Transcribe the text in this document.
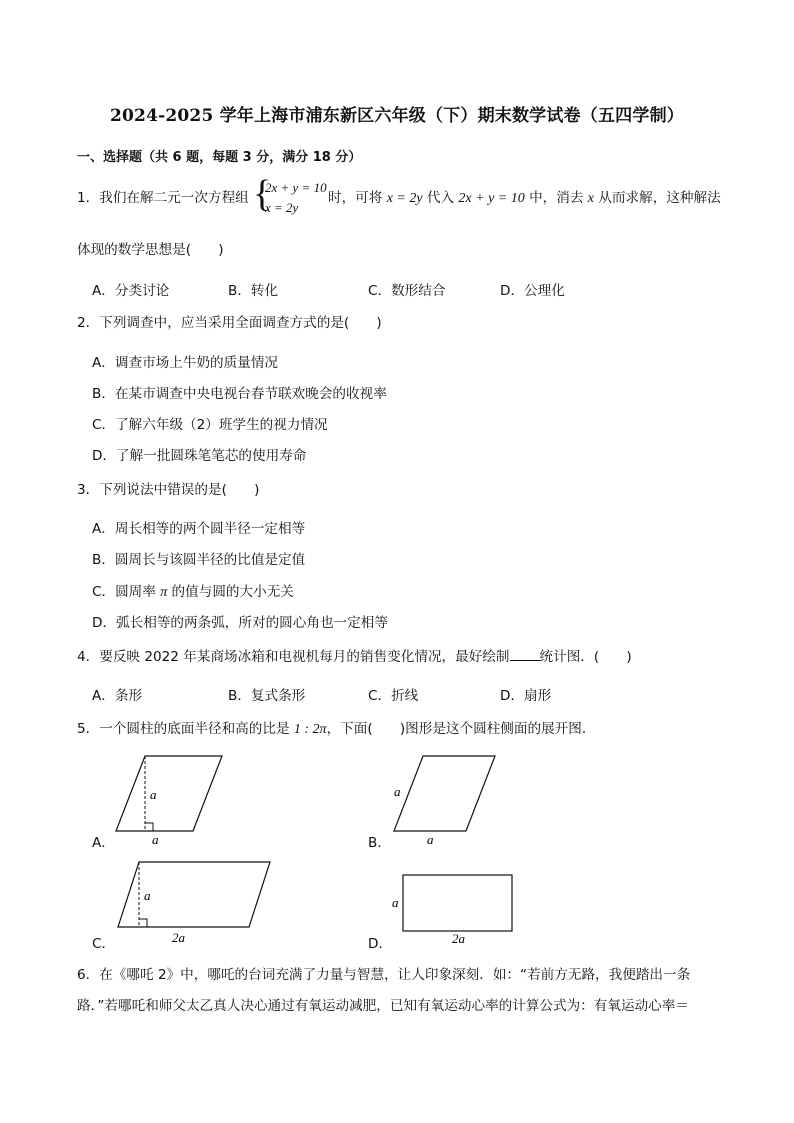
2024-2025 学年上海市浦东新区六年级（下）期末数学试卷（五四学制）
一、选择题（共 6 题，每题 3 分，满分 18 分）
1．我们在解二元一次方程组 {
2x + y = 10
x = 2y
时，可将 x = 2y 代入 2x + y = 10 中，消去 x 从而求解，这种解法
体现的数学思想是(　　)
A．分类讨论	B．转化	C．数形结合	D．公理化
2．下列调查中，应当采用全面调查方式的是(　　)
A．调查市场上牛奶的质量情况
B．在某市调查中央电视台春节联欢晚会的收视率
C．了解六年级（2）班学生的视力情况
D．了解一批圆珠笔笔芯的使用寿命
3．下列说法中错误的是(　　)
A．周长相等的两个圆半径一定相等
B．圆周长与该圆半径的比值是定值
C．圆周率 π 的值与圆的大小无关
D．弧长相等的两条弧，所对的圆心角也一定相等
4．要反映 2022 年某商场冰箱和电视机每月的销售变化情况，最好绘制 统计图．(　　)
A．条形	B．复式条形	C．折线	D．扇形
5．一个圆柱的底面半径和高的比是 1 : 2π，下面(　　)图形是这个圆柱侧面的展开图．
A．
a
a	B．
a
a
C．
a
2a	D．
a
2a
6．在《哪吒 2》中，哪吒的台词充满了力量与智慧，让人印象深刻．如：“若前方无路，我便踏出一条
路．”若哪吒和师父太乙真人决心通过有氧运动减肥，已知有氧运动心率的计算公式为：有氧运动心率＝
